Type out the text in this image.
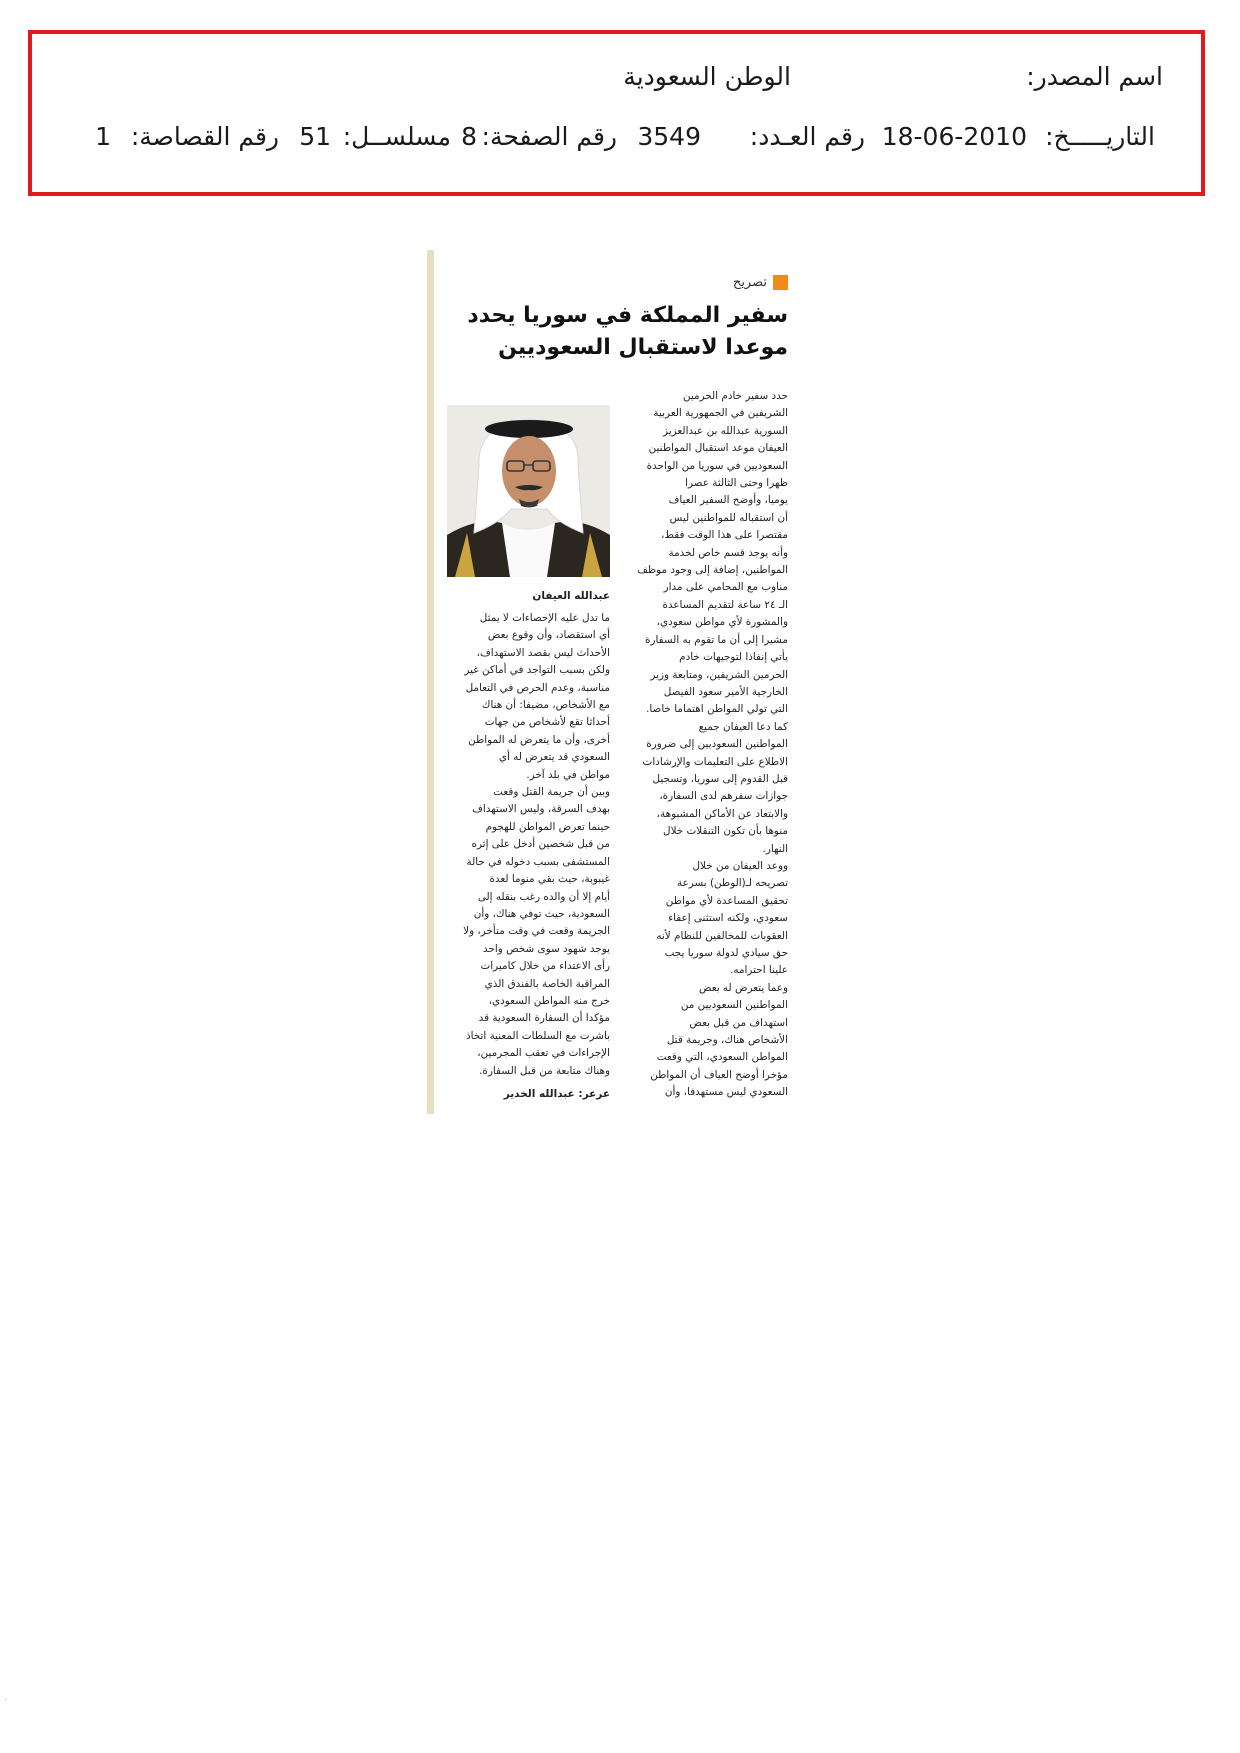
اسم المصدر:
الوطن السعودية
التاريـــــخ:
18-06-2010
رقم العـدد:
3549
رقم الصفحة:
8
مسلســل:
51
رقم القصاصة:
1
تصريح
سفير المملكة في سوريا يحدد موعدا لاستقبال السعوديين
حدد سفير خادم الحرمين
الشريفين في الجمهورية العربية
السورية عبدالله بن عبدالعزيز
العيفان موعد استقبال المواطنين
السعوديين في سوريا من الواحدة
ظهرا وحتى الثالثة عصرا
يوميا، وأوضح السفير العياف
أن استقباله للمواطنين ليس
مقتصرا على هذا الوقت فقط،
وأنه يوجد قسم خاص لخدمة
المواطنين، إضافة إلى وجود موظف
مناوب مع المحامي على مدار
الـ ٢٤ ساعة لتقديم المساعدة
والمشورة لأي مواطن سعودي،
مشيرا إلى أن ما تقوم به السفارة
يأتي إنفاذا لتوجيهات خادم
الحرمين الشريفين، ومتابعة وزير
الخارجية الأمير سعود الفيصل
التي تولي المواطن اهتماما خاصا.
كما دعا العيفان جميع
المواطنين السعوديين إلى ضرورة
الاطلاع على التعليمات والإرشادات
قبل القدوم إلى سوريا، وتسجيل
جوازات سفرهم لدى السفارة،
والابتعاد عن الأماكن المشبوهة،
منوها بأن تكون التنقلات خلال
النهار.
ووعد العيفان من خلال
تصريحه لـ(الوطن) بسرعة
تحقيق المساعدة لأي مواطن
سعودي، ولكنه استثنى إعفاء
العقوبات للمخالفين للنظام لأنه
حق سيادي لدولة سوريا يجب
علينا احترامه.
وعما يتعرض له بعض
المواطنين السعوديين من
استهداف من قبل بعض
الأشخاص هناك، وجريمة قتل
المواطن السعودي، التي وقعت
مؤخرا أوضح العياف أن المواطن
السعودي ليس مستهدفا، وأن
عبدالله العيفان
ما تدل عليه الإحصاءات لا يمثل
أي استقصاد، وأن وقوع بعض
الأحداث ليس بقصد الاستهداف،
ولكن بسبب التواجد في أماكن غير
مناسبة، وعدم الحرص في التعامل
مع الأشخاص، مضيفا: أن هناك
أحداثا تقع لأشخاص من جهات
أخرى، وأن ما يتعرض له المواطن
السعودي قد يتعرض له أي
مواطن في بلد آخر.
وبين أن جريمة القتل وقعت
بهدف السرقة، وليس الاستهداف
حينما تعرض المواطن للهجوم
من قبل شخصين أدخل على إثره
المستشفى بسبب دخوله في حالة
غيبوبة، حيث بقي منوما لعدة
أيام إلا أن والده رغب بنقله إلى
السعودية، حيث توفي هناك، وأن
الجريمة وقعت في وقت متأخر، ولا
يوجد شهود سوى شخص واحد
رأى الاعتداء من خلال كاميرات
المراقبة الخاصة بالفندق الذي
خرج منه المواطن السعودي،
مؤكدا أن السفارة السعودية قد
باشرت مع السلطات المعنية اتخاذ
الإجراءات في تعقب المجرمين،
وهناك متابعة من قبل السفارة.
عرعر: عبدالله الخدير
.
